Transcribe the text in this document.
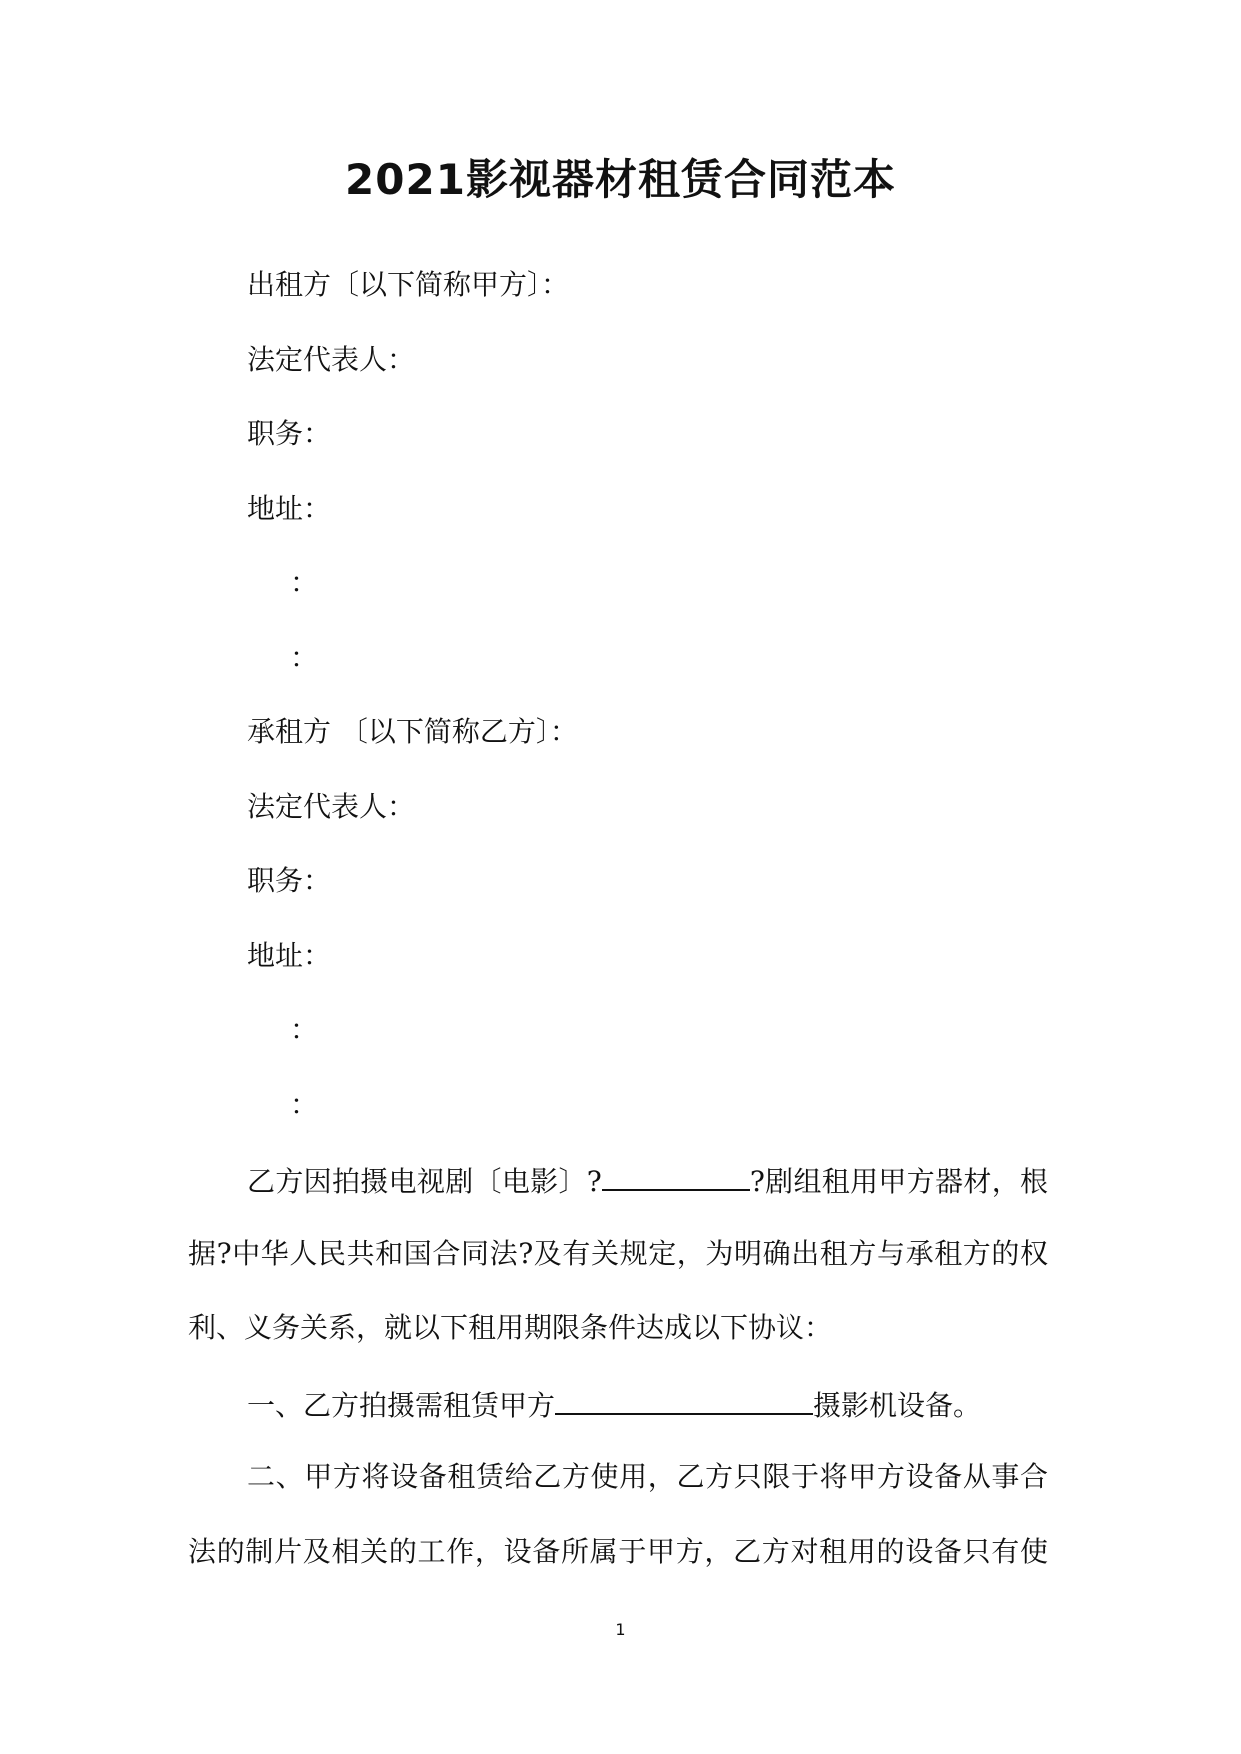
2021影视器材租赁合同范本
出租方〔以下简称甲方〕：
法定代表人：
职务：
地址：
：
：
承租方 〔以下简称乙方〕：
法定代表人：
职务：
地址：
：
：
乙方因拍摄电视剧〔电影〕?	?剧组租用甲方器材，根
据?中华人民共和国合同法?及有关规定，为明确出租方与承租方的权
利、义务关系，就以下租用期限条件达成以下协议：
一、乙方拍摄需租赁甲方	摄影机设备。
二、甲方将设备租赁给乙方使用，乙方只限于将甲方设备从事合
法的制片及相关的工作，设备所属于甲方，乙方对租用的设备只有使
1
